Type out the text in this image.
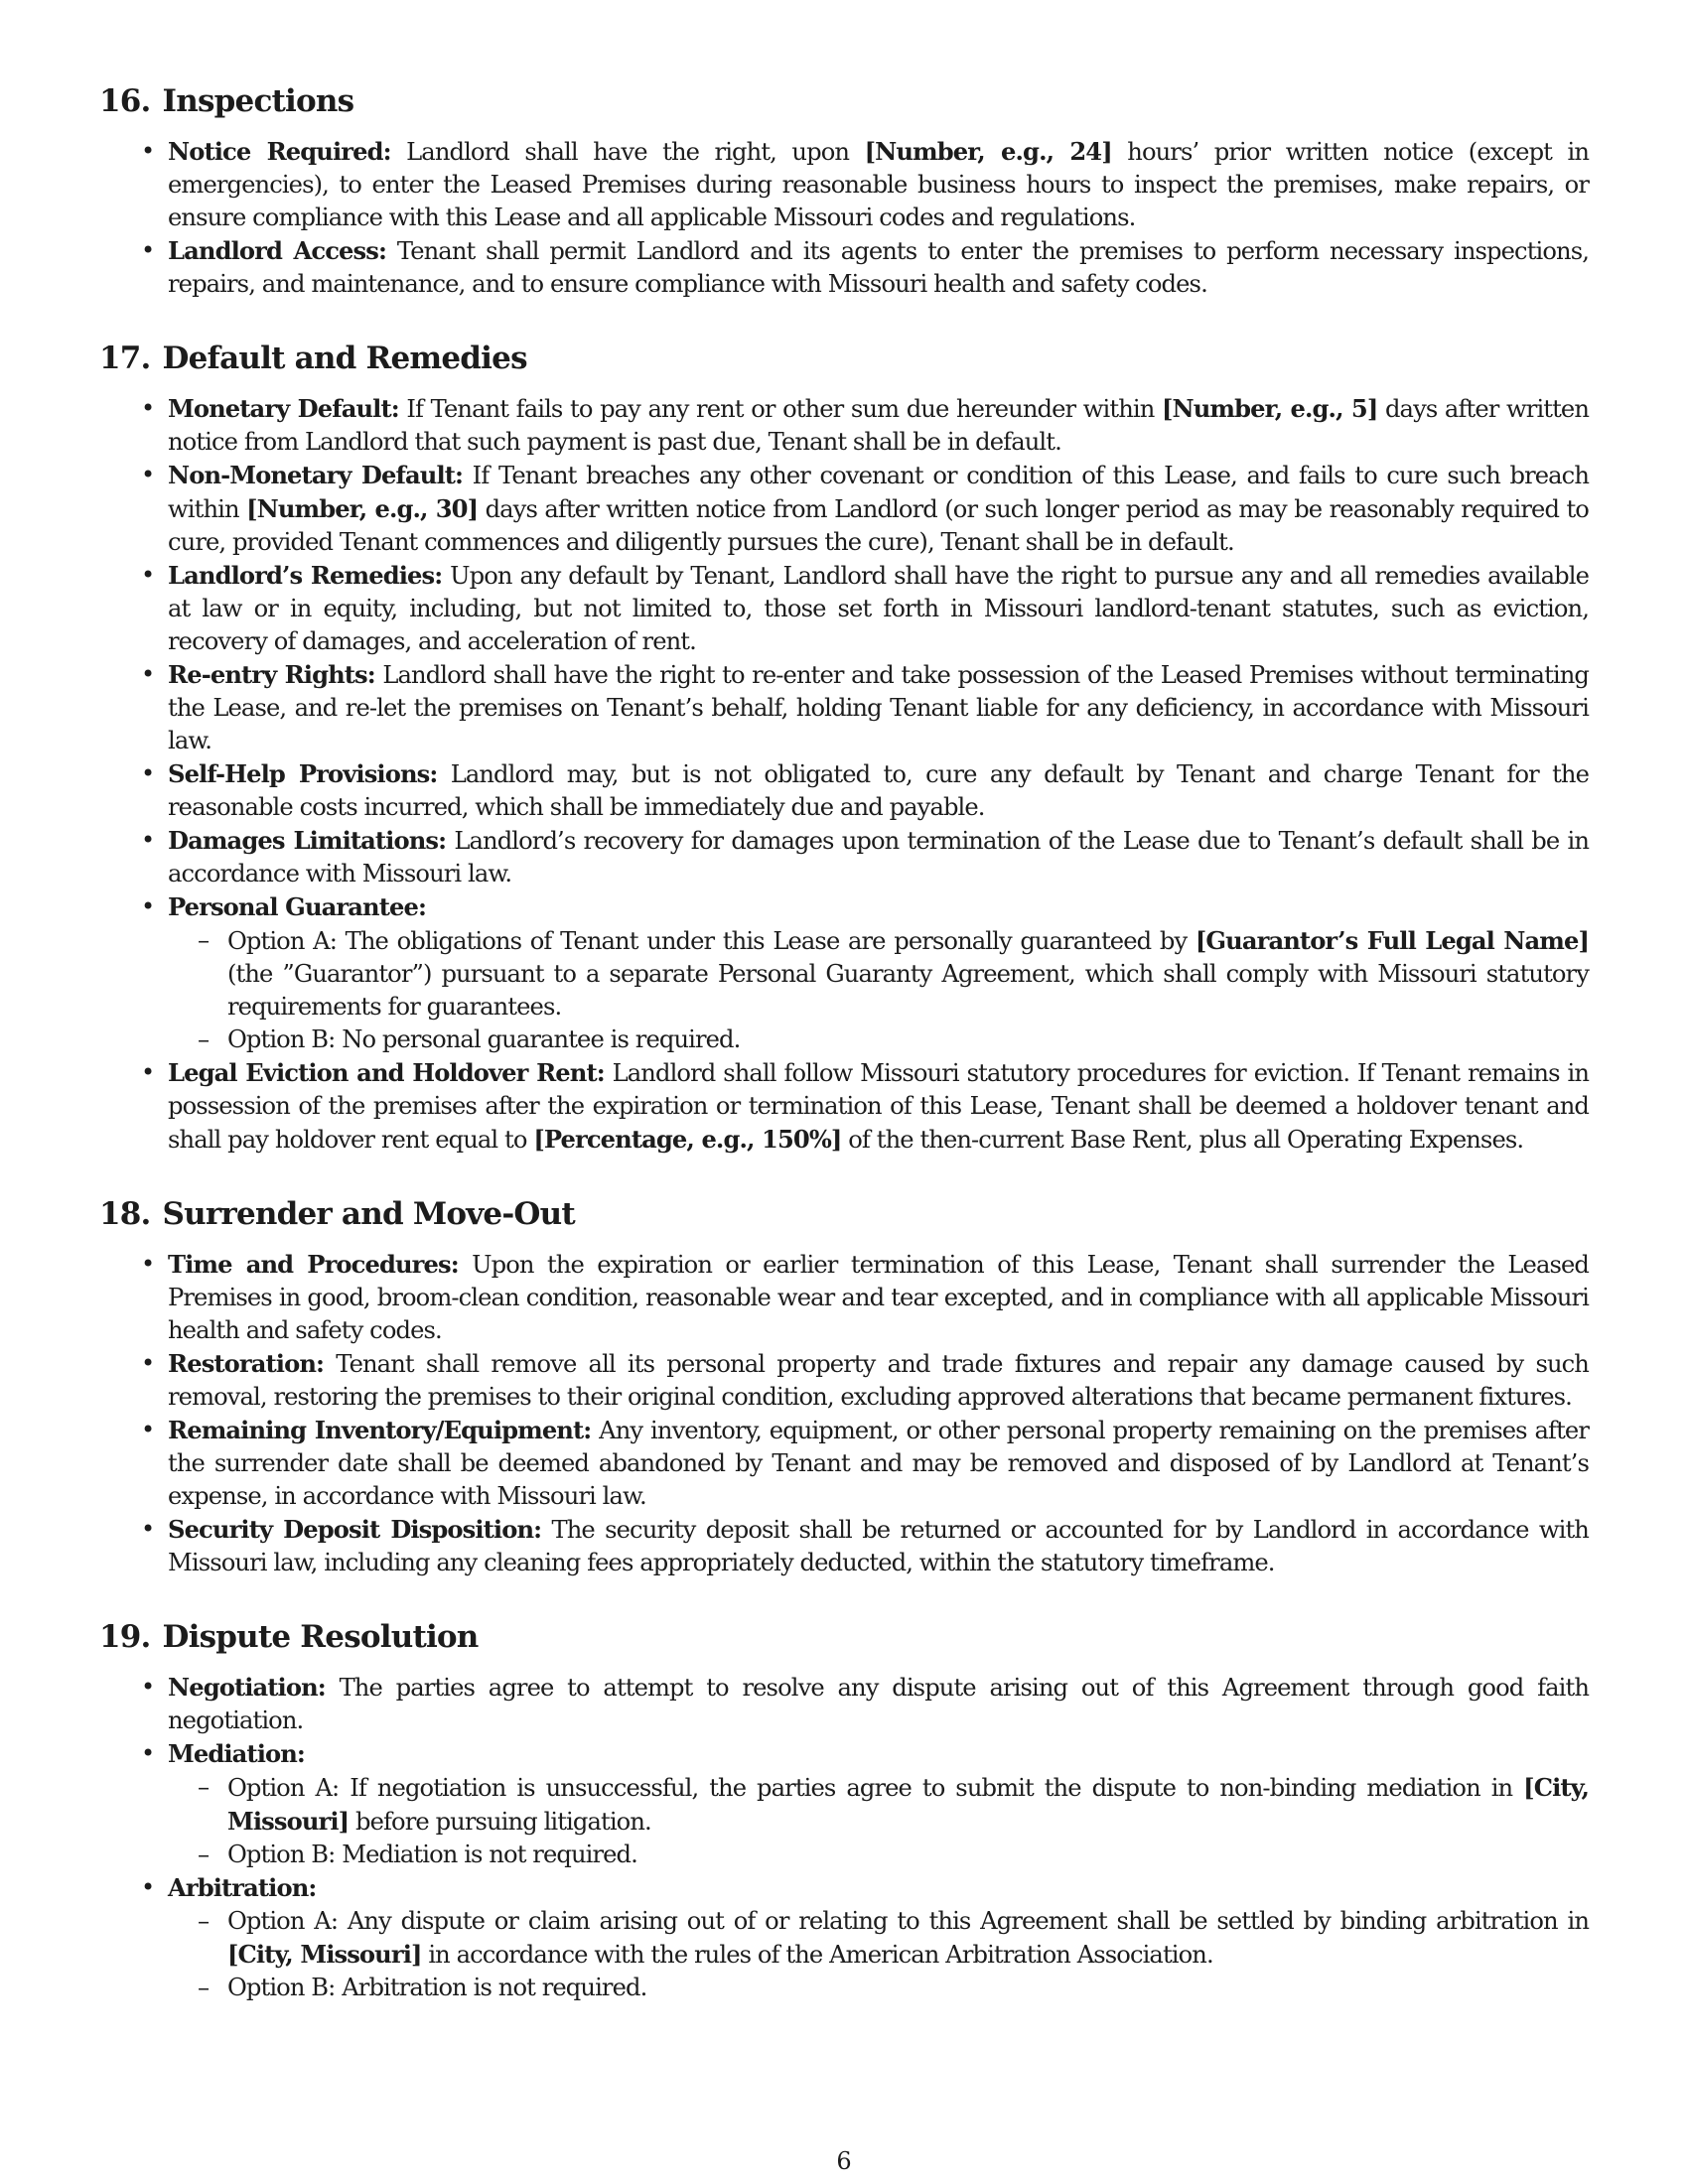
16. Inspections
• Notice Required: Landlord shall have the right, upon [Number, e.g., 24] hours’ prior written notice (except in emergencies), to enter the Leased Premises during reasonable business hours to inspect the premises, make repairs, or ensure compliance with this Lease and all applicable Missouri codes and regulations.
• Landlord Access: Tenant shall permit Landlord and its agents to enter the premises to perform necessary inspections, repairs, and maintenance, and to ensure compliance with Missouri health and safety codes.
17. Default and Remedies
• Monetary Default: If Tenant fails to pay any rent or other sum due hereunder within [Number, e.g., 5] days after written notice from Landlord that such payment is past due, Tenant shall be in default.
• Non-Monetary Default: If Tenant breaches any other covenant or condition of this Lease, and fails to cure such breach within [Number, e.g., 30] days after written notice from Landlord (or such longer period as may be reasonably required to cure, provided Tenant commences and diligently pursues the cure), Tenant shall be in default.
• Landlord’s Remedies: Upon any default by Tenant, Landlord shall have the right to pursue any and all remedies available at law or in equity, including, but not limited to, those set forth in Missouri landlord-tenant statutes, such as eviction, recovery of damages, and acceleration of rent.
• Re-entry Rights: Landlord shall have the right to re-enter and take possession of the Leased Premises without terminating the Lease, and re-let the premises on Tenant’s behalf, holding Tenant liable for any deficiency, in accordance with Missouri law.
• Self-Help Provisions: Landlord may, but is not obligated to, cure any default by Tenant and charge Tenant for the reasonable costs incurred, which shall be immediately due and payable.
• Damages Limitations: Landlord’s recovery for damages upon termination of the Lease due to Tenant’s default shall be in accordance with Missouri law.
• Personal Guarantee:
– Option A: The obligations of Tenant under this Lease are personally guaranteed by [Guarantor’s Full Legal Name] (the ”Guarantor”) pursuant to a separate Personal Guaranty Agreement, which shall comply with Missouri statutory requirements for guarantees.
– Option B: No personal guarantee is required.
• Legal Eviction and Holdover Rent: Landlord shall follow Missouri statutory procedures for eviction. If Tenant remains in possession of the premises after the expiration or termination of this Lease, Tenant shall be deemed a holdover tenant and shall pay holdover rent equal to [Percentage, e.g., 150%] of the then-current Base Rent, plus all Operating Expenses.
18. Surrender and Move-Out
• Time and Procedures: Upon the expiration or earlier termination of this Lease, Tenant shall surrender the Leased Premises in good, broom-clean condition, reasonable wear and tear excepted, and in compliance with all applicable Missouri health and safety codes.
• Restoration: Tenant shall remove all its personal property and trade fixtures and repair any damage caused by such removal, restoring the premises to their original condition, excluding approved alterations that became permanent fixtures.
• Remaining Inventory/Equipment: Any inventory, equipment, or other personal property remaining on the premises after the surrender date shall be deemed abandoned by Tenant and may be removed and disposed of by Landlord at Tenant’s expense, in accordance with Missouri law.
• Security Deposit Disposition: The security deposit shall be returned or accounted for by Landlord in accordance with Missouri law, including any cleaning fees appropriately deducted, within the statutory timeframe.
19. Dispute Resolution
• Negotiation: The parties agree to attempt to resolve any dispute arising out of this Agreement through good faith negotiation.
• Mediation:
– Option A: If negotiation is unsuccessful, the parties agree to submit the dispute to non-binding mediation in [City, Missouri] before pursuing litigation.
– Option B: Mediation is not required.
• Arbitration:
– Option A: Any dispute or claim arising out of or relating to this Agreement shall be settled by binding arbitration in [City, Missouri] in accordance with the rules of the American Arbitration Association.
– Option B: Arbitration is not required.
6
